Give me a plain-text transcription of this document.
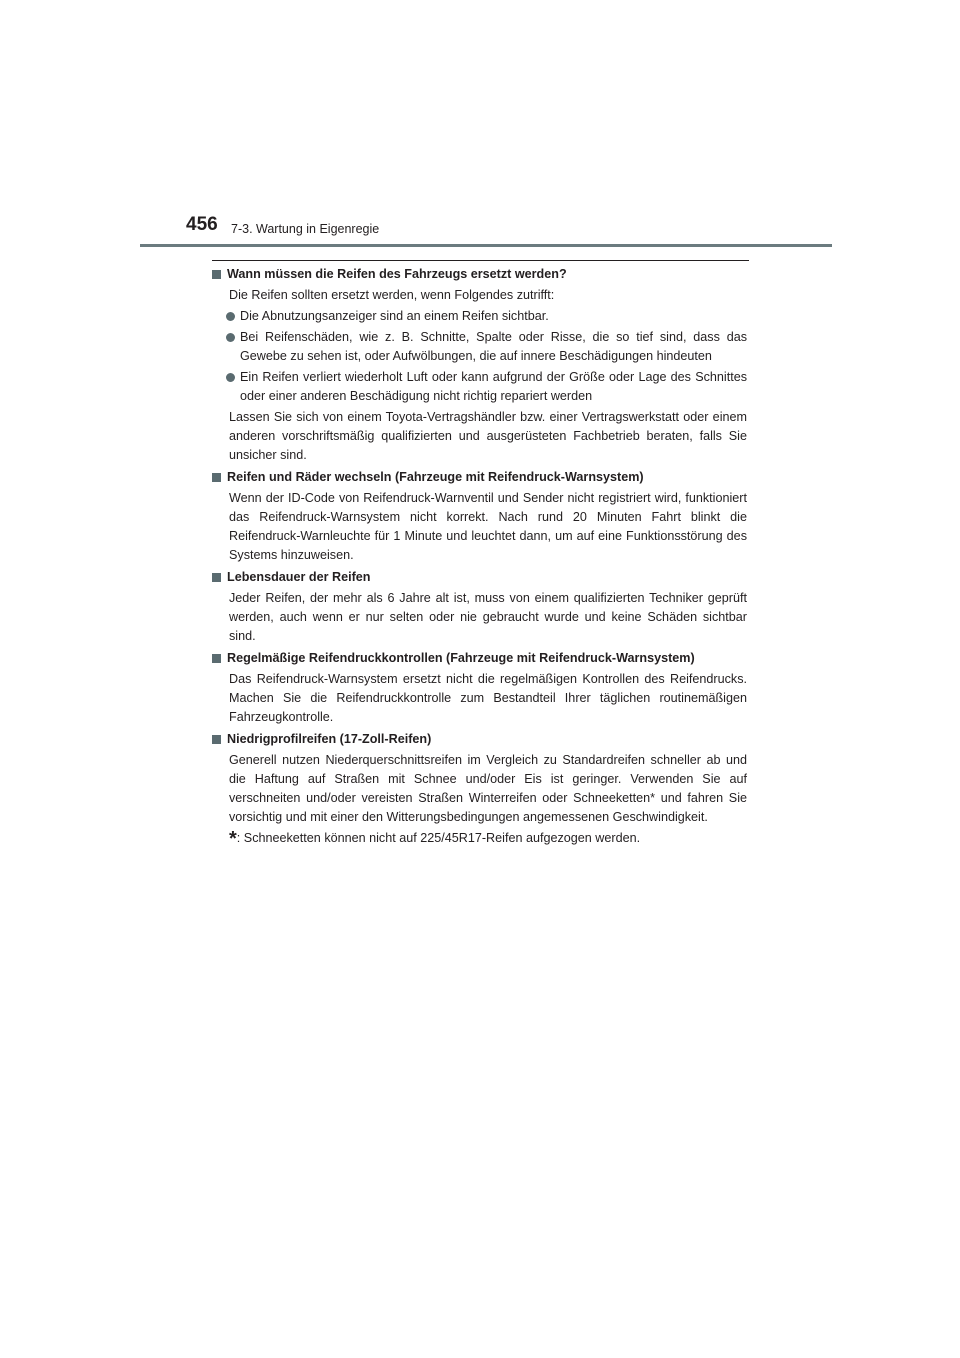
456 7-3. Wartung in Eigenregie
Wann müssen die Reifen des Fahrzeugs ersetzt werden?
Die Reifen sollten ersetzt werden, wenn Folgendes zutrifft:
Die Abnutzungsanzeiger sind an einem Reifen sichtbar.
Bei Reifenschäden, wie z. B. Schnitte, Spalte oder Risse, die so tief sind, dass das Gewebe zu sehen ist, oder Aufwölbungen, die auf innere Beschädigungen hindeuten
Ein Reifen verliert wiederholt Luft oder kann aufgrund der Größe oder Lage des Schnittes oder einer anderen Beschädigung nicht richtig repariert werden
Lassen Sie sich von einem Toyota-Vertragshändler bzw. einer Vertragswerkstatt oder einem anderen vorschriftsmäßig qualifizierten und ausgerüsteten Fachbetrieb beraten, falls Sie unsicher sind.
Reifen und Räder wechseln (Fahrzeuge mit Reifendruck-Warnsystem)
Wenn der ID-Code von Reifendruck-Warnventil und Sender nicht registriert wird, funktioniert das Reifendruck-Warnsystem nicht korrekt. Nach rund 20 Minuten Fahrt blinkt die Reifendruck-Warnleuchte für 1 Minute und leuchtet dann, um auf eine Funktionsstörung des Systems hinzuweisen.
Lebensdauer der Reifen
Jeder Reifen, der mehr als 6 Jahre alt ist, muss von einem qualifizierten Techniker geprüft werden, auch wenn er nur selten oder nie gebraucht wurde und keine Schäden sichtbar sind.
Regelmäßige Reifendruckkontrollen (Fahrzeuge mit Reifendruck-Warnsystem)
Das Reifendruck-Warnsystem ersetzt nicht die regelmäßigen Kontrollen des Reifendrucks. Machen Sie die Reifendruckkontrolle zum Bestandteil Ihrer täglichen routinemäßigen Fahrzeugkontrolle.
Niedrigprofilreifen (17-Zoll-Reifen)
Generell nutzen Niederquerschnittsreifen im Vergleich zu Standardreifen schneller ab und die Haftung auf Straßen mit Schnee und/oder Eis ist geringer. Verwenden Sie auf verschneiten und/oder vereisten Straßen Winterreifen oder Schneeketten* und fahren Sie vorsichtig und mit einer den Witterungsbedingungen angemessenen Geschwindigkeit.
*: Schneeketten können nicht auf 225/45R17-Reifen aufgezogen werden.
